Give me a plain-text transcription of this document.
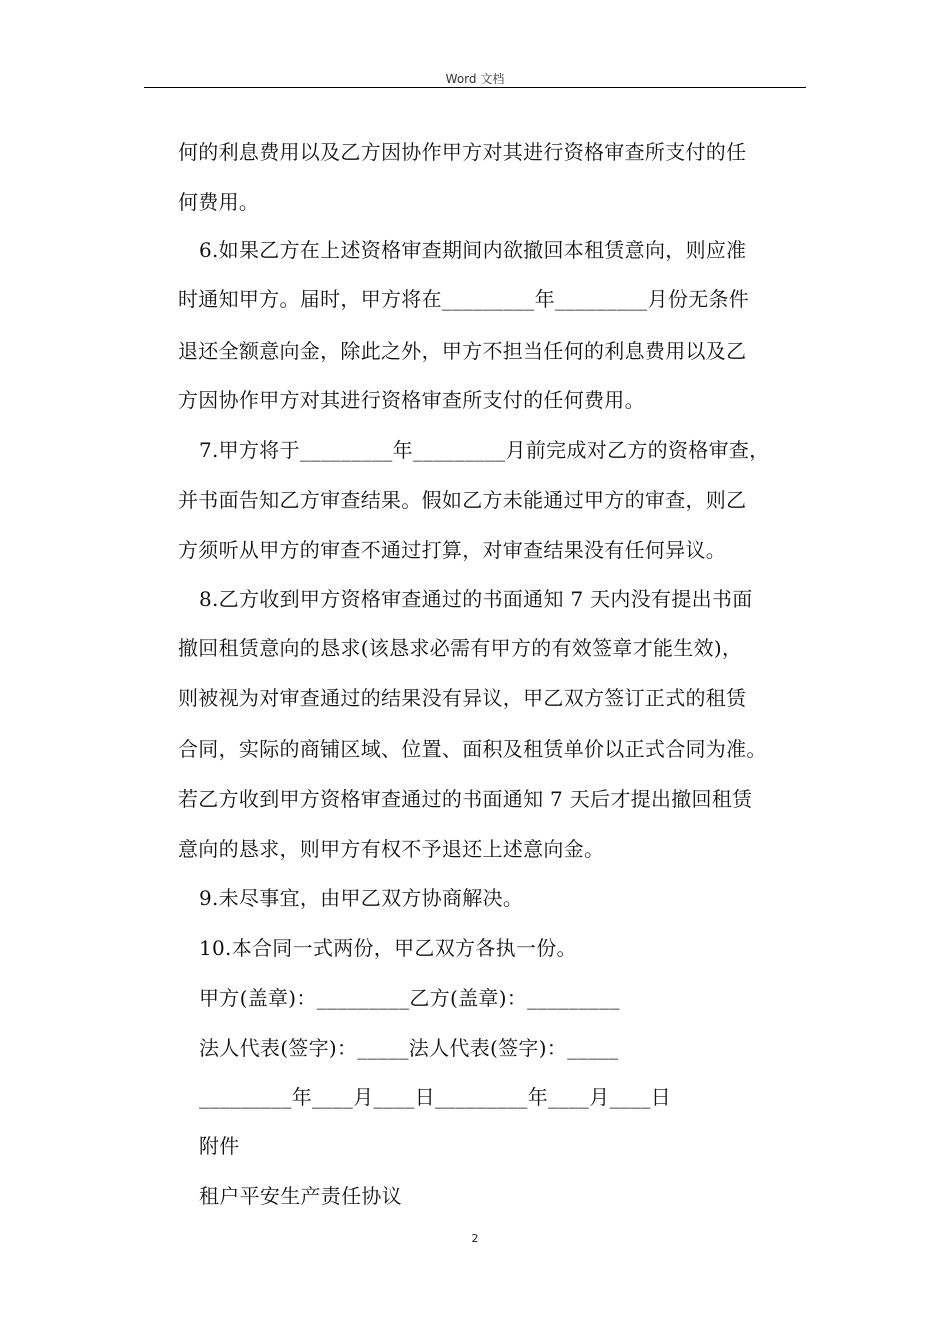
Word 文档
何的利息费用以及乙方因协作甲方对其进行资格审查所支付的任
何费用。
6.如果乙方在上述资格审查期间内欲撤回本租赁意向，则应准
时通知甲方。届时，甲方将在_________年_________月份无条件
退还全额意向金，除此之外，甲方不担当任何的利息费用以及乙
方因协作甲方对其进行资格审查所支付的任何费用。
7.甲方将于_________年_________月前完成对乙方的资格审查，
并书面告知乙方审查结果。假如乙方未能通过甲方的审查，则乙
方须听从甲方的审查不通过打算，对审查结果没有任何异议。
8.乙方收到甲方资格审查通过的书面通知 7 天内没有提出书面
撤回租赁意向的恳求(该恳求必需有甲方的有效签章才能生效)，
则被视为对审查通过的结果没有异议，甲乙双方签订正式的租赁
合同，实际的商铺区域、位置、面积及租赁单价以正式合同为准。
若乙方收到甲方资格审查通过的书面通知 7 天后才提出撤回租赁
意向的恳求，则甲方有权不予退还上述意向金。
9.未尽事宜，由甲乙双方协商解决。
10.本合同一式两份，甲乙双方各执一份。
甲方(盖章)：_________乙方(盖章)：_________
法人代表(签字)：_____法人代表(签字)：_____
_________年____月____日_________年____月____日
附件
租户平安生产责任协议
2
